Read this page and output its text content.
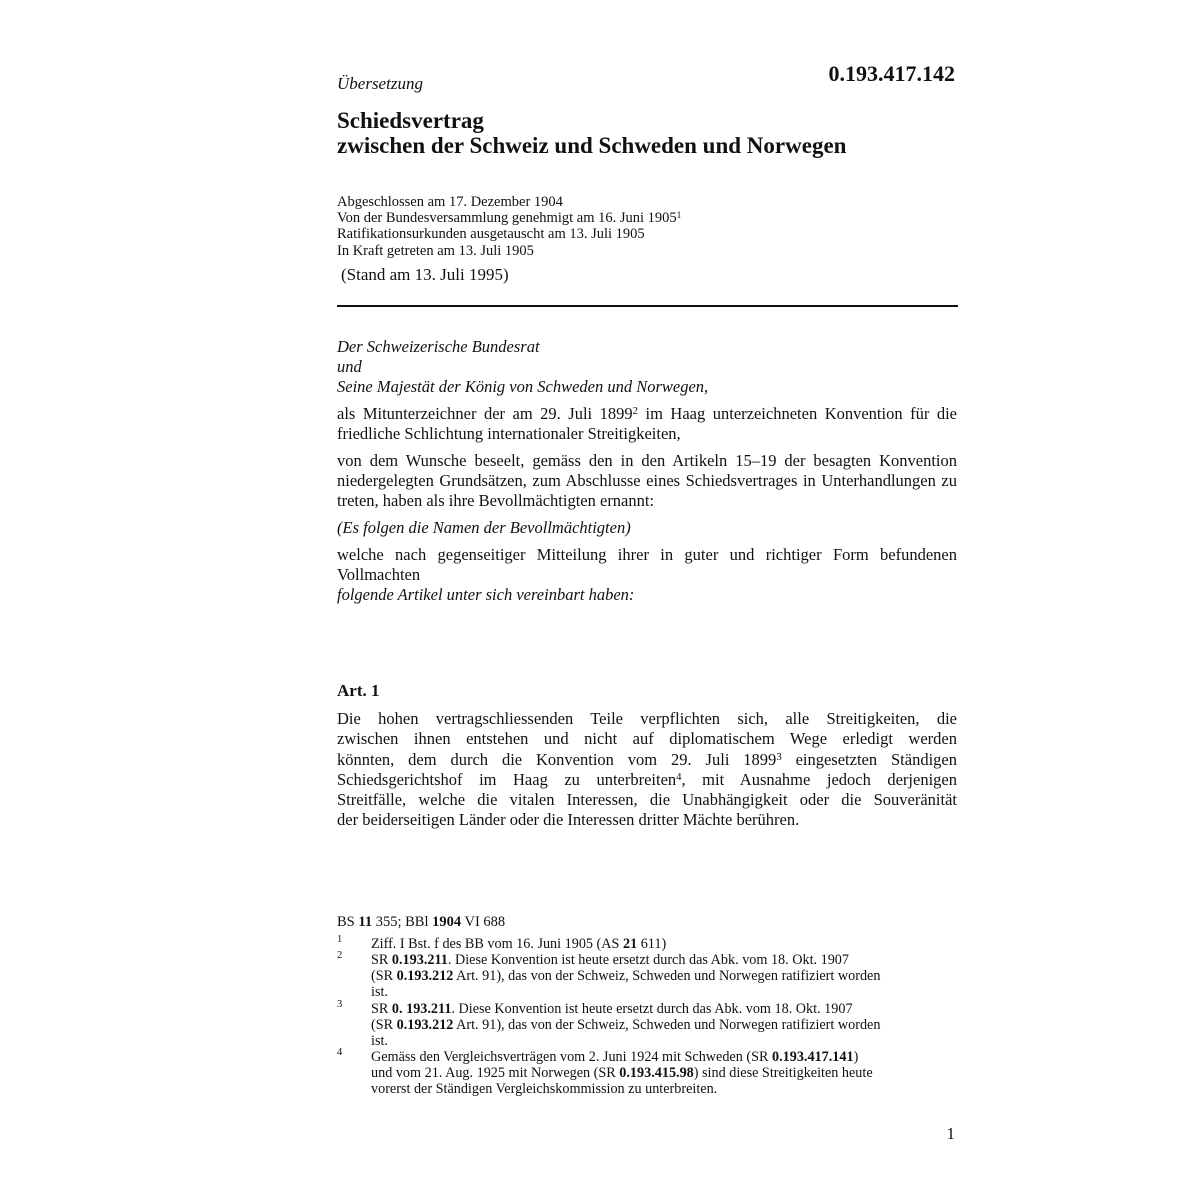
Übersetzung	0.193.417.142
Schiedsvertrag
zwischen der Schweiz und Schweden und Norwegen
Abgeschlossen am 17. Dezember 1904
Von der Bundesversammlung genehmigt am 16. Juni 1905$^1$
Ratifikationsurkunden ausgetauscht am 13. Juli 1905
In Kraft getreten am 13. Juli 1905
(Stand am 13. Juli 1995)
Der Schweizerische Bundesrat
und
Seine Majestät der König von Schweden und Norwegen,
als Mitunterzeichner der am 29. Juli 1899$^2$ im Haag unterzeichneten Konvention für die friedliche Schlichtung internationaler Streitigkeiten,
von dem Wunsche beseelt, gemäss den in den Artikeln 15–19 der besagten Konvention niedergelegten Grundsätzen, zum Abschlusse eines Schiedsvertrages in Unterhandlungen zu treten, haben als ihre Bevollmächtigten ernannt:
(Es folgen die Namen der Bevollmächtigten)
welche nach gegenseitiger Mitteilung ihrer in guter und richtiger Form befundenen Vollmachten
folgende Artikel unter sich vereinbart haben:
Art. 1
Die hohen vertragschliessenden Teile verpflichten sich, alle Streitigkeiten, die
zwischen ihnen entstehen und nicht auf diplomatischem Wege erledigt werden
könnten, dem durch die Konvention vom 29. Juli 1899$^3$ eingesetzten Ständigen
Schiedsgerichtshof im Haag zu unterbreiten$^4$, mit Ausnahme jedoch derjenigen
Streitfälle, welche die vitalen Interessen, die Unabhängigkeit oder die Souveränität
der beiderseitigen Länder oder die Interessen dritter Mächte berühren.
BS 11 355; BBl 1904 VI 688
1 Ziff. I Bst. f des BB vom 16. Juni 1905 (AS 21 611)
2 SR 0.193.211. Diese Konvention ist heute ersetzt durch das Abk. vom 18. Okt. 1907
(SR 0.193.212 Art. 91), das von der Schweiz, Schweden und Norwegen ratifiziert worden
ist.
3 SR 0. 193.211. Diese Konvention ist heute ersetzt durch das Abk. vom 18. Okt. 1907
(SR 0.193.212 Art. 91), das von der Schweiz, Schweden und Norwegen ratifiziert worden
ist.
4 Gemäss den Vergleichsverträgen vom 2. Juni 1924 mit Schweden (SR 0.193.417.141)
und vom 21. Aug. 1925 mit Norwegen (SR 0.193.415.98) sind diese Streitigkeiten heute
vorerst der Ständigen Vergleichskommission zu unterbreiten.
1
